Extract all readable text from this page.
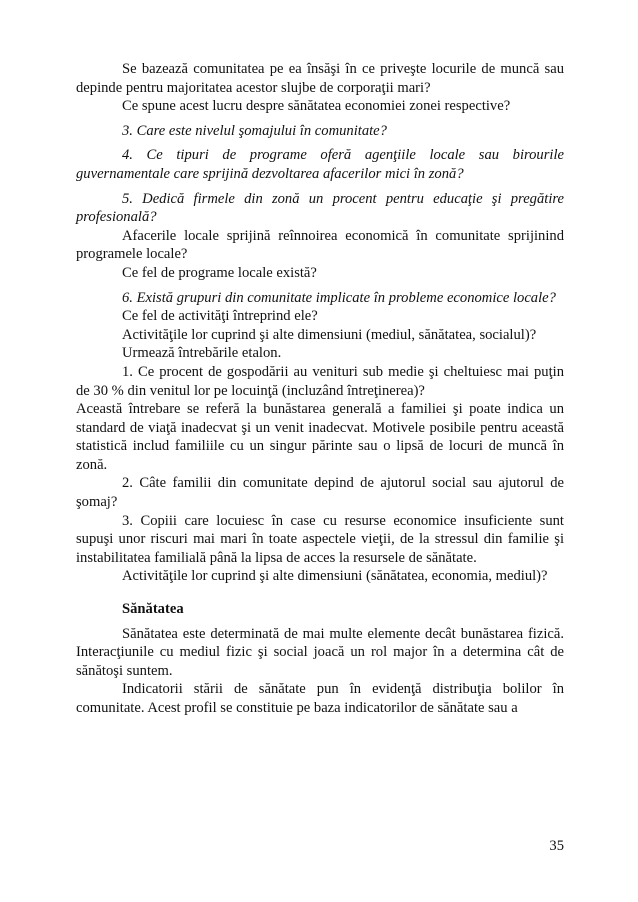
Se bazează comunitatea pe ea însăşi în ce priveşte locurile de muncă sau depinde pentru majoritatea acestor slujbe de corporaţii mari?

Ce spune acest lucru despre sănătatea economiei zonei respective?

3. Care este nivelul şomajului în comunitate?

4. Ce tipuri de programe oferă agenţiile locale sau birourile guvernamentale care sprijină dezvoltarea afacerilor mici în zonă?

5. Dedică firmele din zonă un procent pentru educaţie şi pregătire profesională?

Afacerile locale sprijină reînnoirea economică în comunitate sprijinind programele locale?

Ce fel de programe locale există?

6. Există grupuri din comunitate implicate în probleme economice locale?

Ce fel de activităţi întreprind ele?

Activităţile lor cuprind şi alte dimensiuni (mediul, sănătatea, socialul)?

Urmează întrebările etalon.

1. Ce procent de gospodării au venituri sub medie şi cheltuiesc mai puţin de 30 % din venitul lor pe locuinţă (incluzând întreţinerea)?

Această întrebare se referă la bunăstarea generală a familiei şi poate indica un standard de viaţă inadecvat şi un venit inadecvat. Motivele posibile pentru această statistică includ familiile cu un singur părinte sau o lipsă de locuri de muncă în zonă.

2. Câte familii din comunitate depind de ajutorul social sau ajutorul de şomaj?

3. Copiii care locuiesc în case cu resurse economice insuficiente sunt supuşi unor riscuri mai mari în toate aspectele vieţii, de la stressul din familie şi instabilitatea familială până la lipsa de acces la resursele de sănătate.

Activităţile lor cuprind şi alte dimensiuni (sănătatea, economia, mediul)?

Sănătatea

Sănătatea este determinată de mai multe elemente decât bunăstarea fizică. Interacţiunile cu mediul fizic şi social joacă un rol major în a determina cât de sănătoşi suntem.

Indicatorii stării de sănătate pun în evidenţă distribuţia bolilor în comunitate. Acest profil se constituie pe baza indicatorilor de sănătate sau a

35
